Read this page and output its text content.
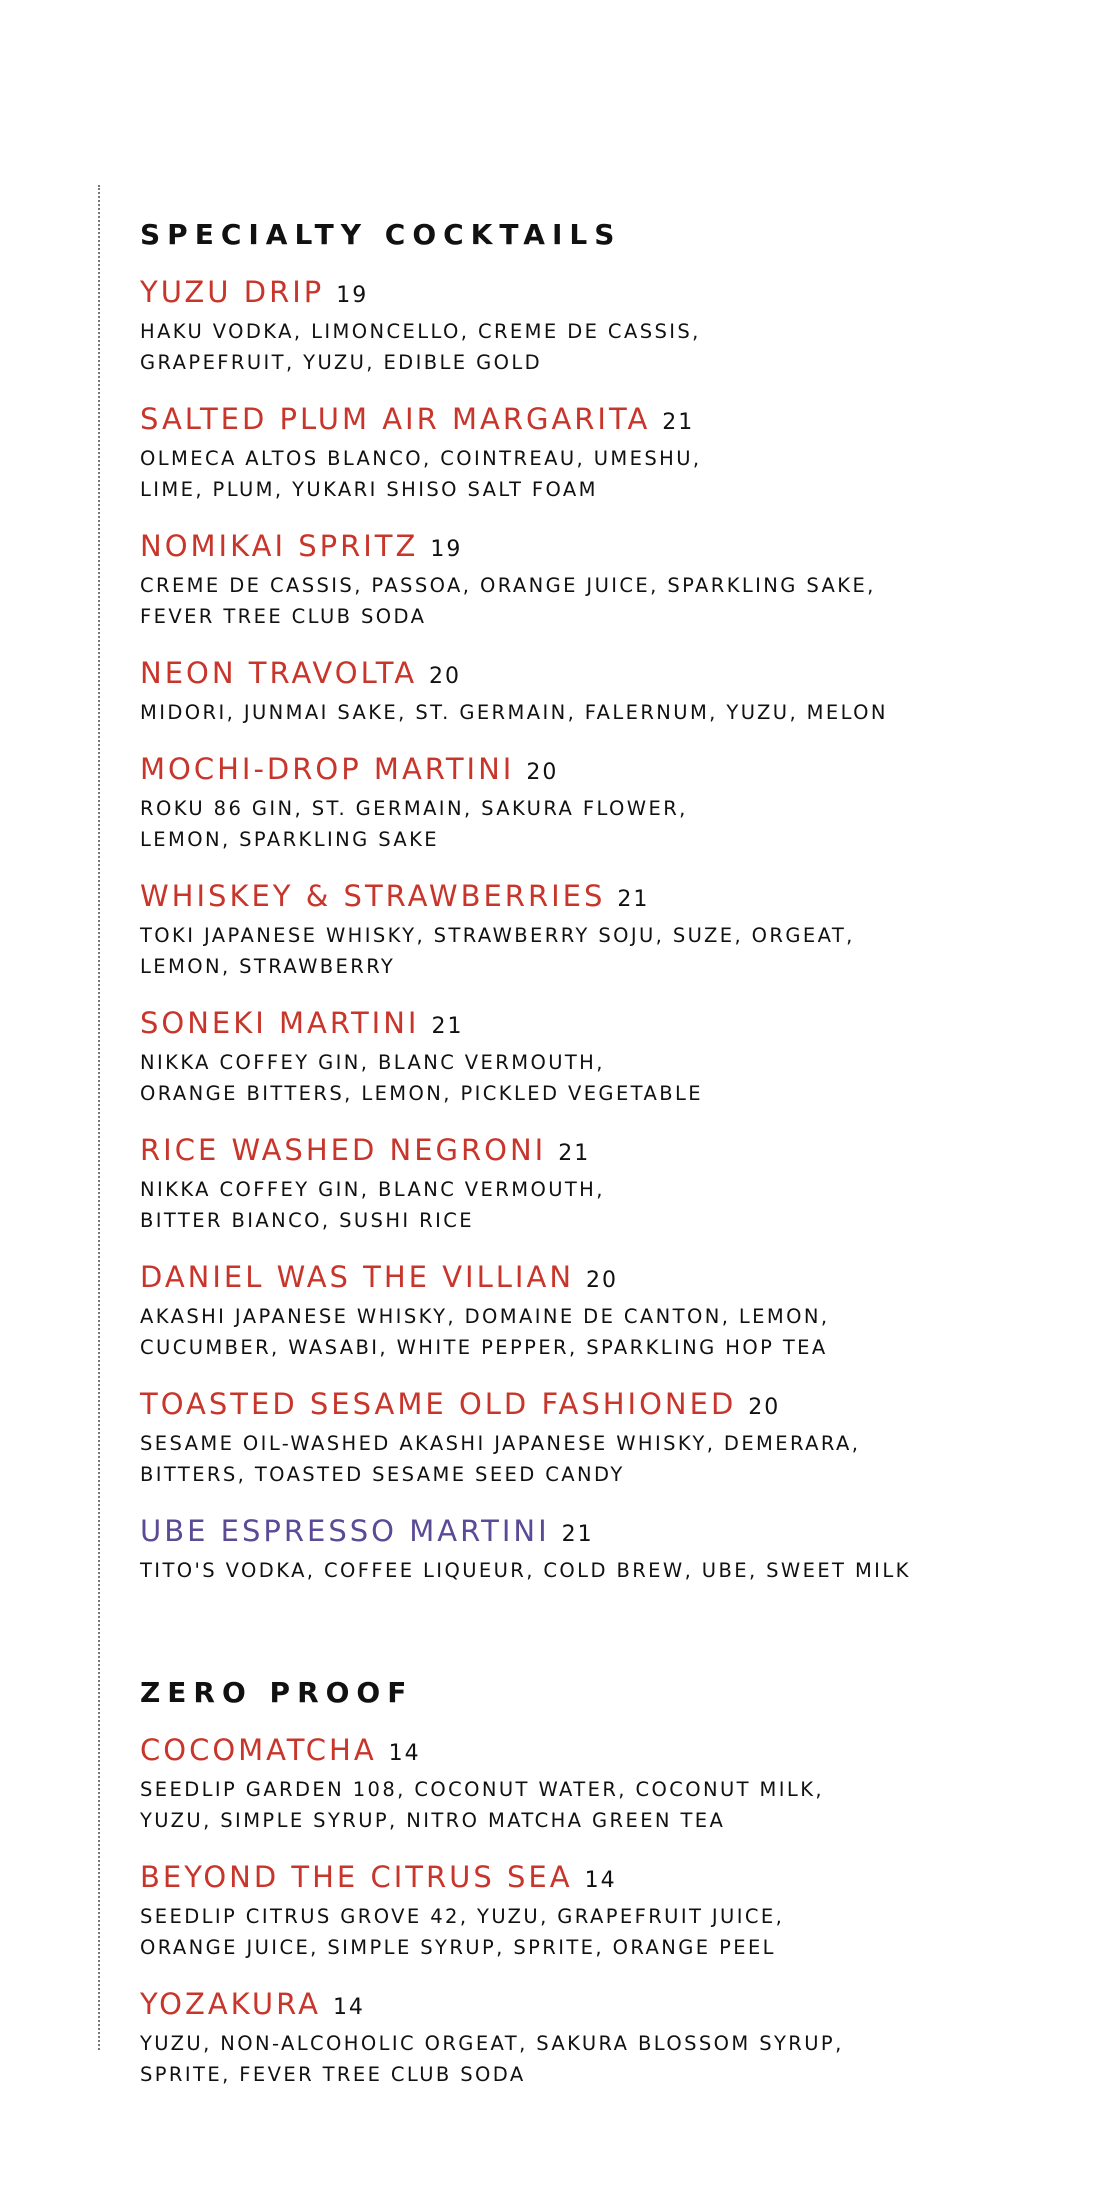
SPECIALTY COCKTAILS
YUZU DRIP 19
HAKU VODKA, LIMONCELLO, CREME DE CASSIS,
GRAPEFRUIT, YUZU, EDIBLE GOLD
SALTED PLUM AIR MARGARITA 21
OLMECA ALTOS BLANCO, COINTREAU, UMESHU,
LIME, PLUM, YUKARI SHISO SALT FOAM
NOMIKAI SPRITZ 19
CREME DE CASSIS, PASSOA, ORANGE JUICE, SPARKLING SAKE,
FEVER TREE CLUB SODA
NEON TRAVOLTA 20
MIDORI, JUNMAI SAKE, ST. GERMAIN, FALERNUM, YUZU, MELON
MOCHI-DROP MARTINI 20
ROKU 86 GIN, ST. GERMAIN, SAKURA FLOWER,
LEMON, SPARKLING SAKE
WHISKEY & STRAWBERRIES 21
TOKI JAPANESE WHISKY, STRAWBERRY SOJU, SUZE, ORGEAT,
LEMON, STRAWBERRY
SONEKI MARTINI 21
NIKKA COFFEY GIN, BLANC VERMOUTH,
ORANGE BITTERS, LEMON, PICKLED VEGETABLE
RICE WASHED NEGRONI 21
NIKKA COFFEY GIN, BLANC VERMOUTH,
BITTER BIANCO, SUSHI RICE
DANIEL WAS THE VILLIAN 20
AKASHI JAPANESE WHISKY, DOMAINE DE CANTON, LEMON,
CUCUMBER, WASABI, WHITE PEPPER, SPARKLING HOP TEA
TOASTED SESAME OLD FASHIONED 20
SESAME OIL-WASHED AKASHI JAPANESE WHISKY, DEMERARA,
BITTERS, TOASTED SESAME SEED CANDY
UBE ESPRESSO MARTINI 21
TITO'S VODKA, COFFEE LIQUEUR, COLD BREW, UBE, SWEET MILK
ZERO PROOF
COCOMATCHA 14
SEEDLIP GARDEN 108, COCONUT WATER, COCONUT MILK,
YUZU, SIMPLE SYRUP, NITRO MATCHA GREEN TEA
BEYOND THE CITRUS SEA 14
SEEDLIP CITRUS GROVE 42, YUZU, GRAPEFRUIT JUICE,
ORANGE JUICE, SIMPLE SYRUP, SPRITE, ORANGE PEEL
YOZAKURA 14
YUZU, NON-ALCOHOLIC ORGEAT, SAKURA BLOSSOM SYRUP,
SPRITE, FEVER TREE CLUB SODA
